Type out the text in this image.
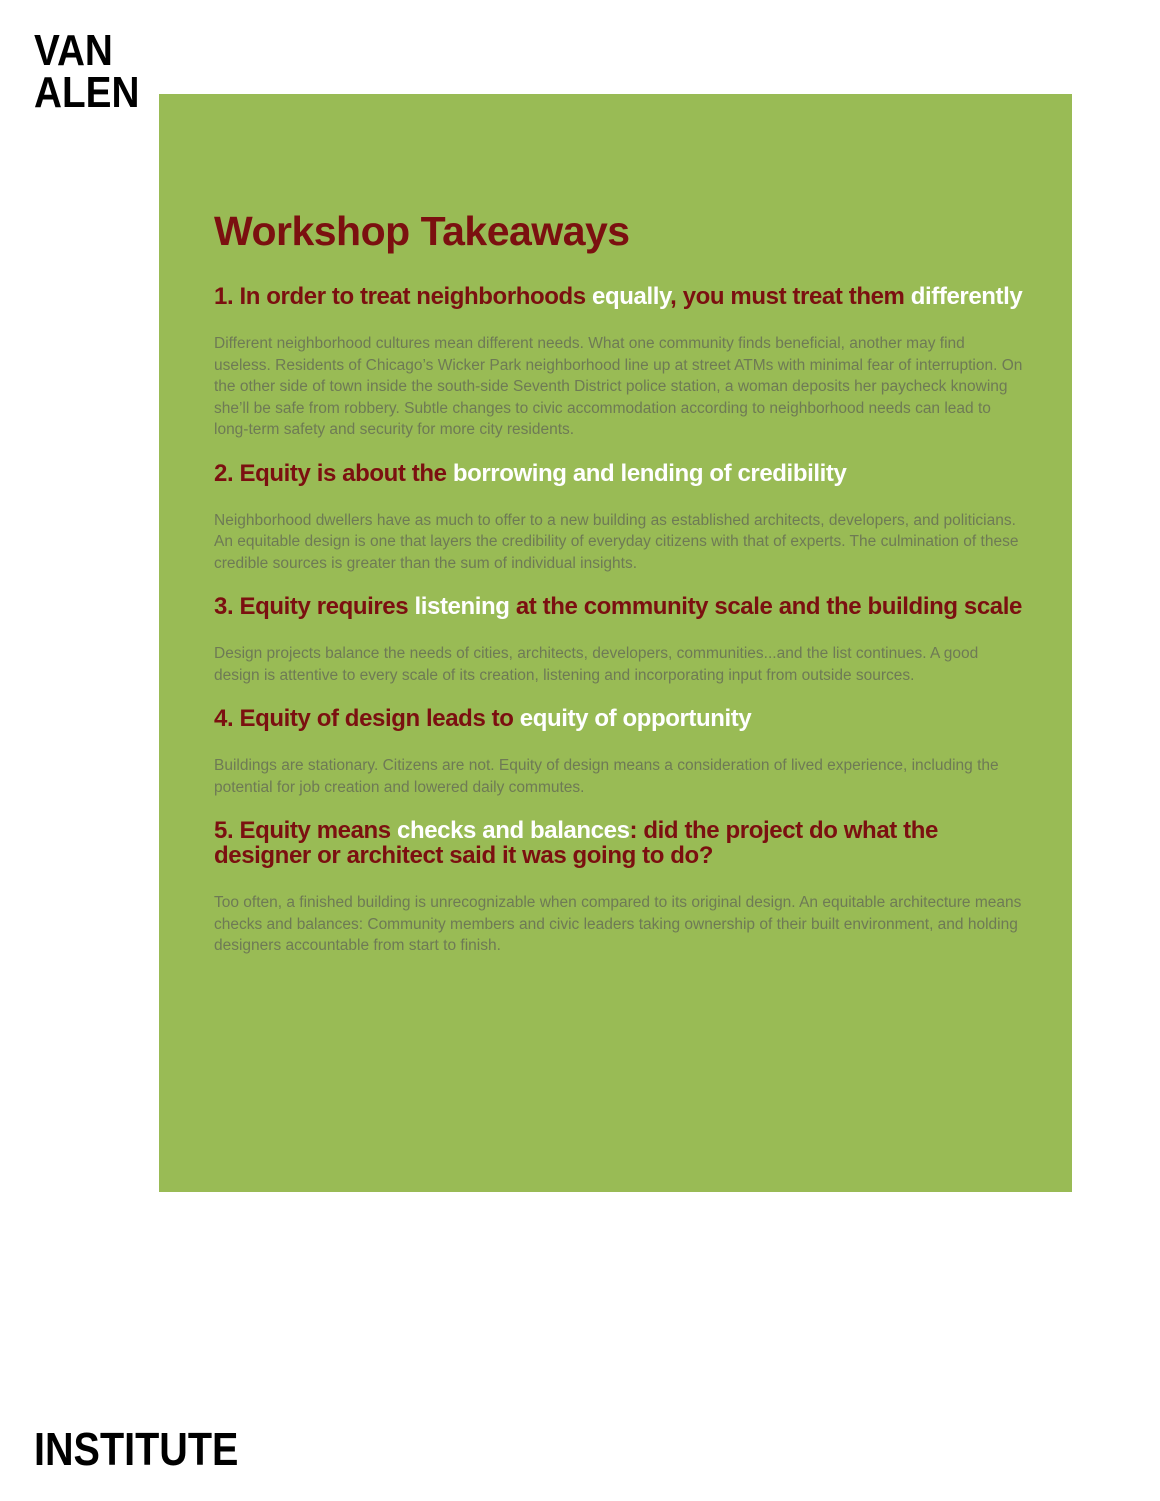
VAN
ALEN
Workshop Takeaways
1. In order to treat neighborhoods equally, you must treat them differently

Different neighborhood cultures mean different needs. What one community finds beneficial, another may find useless. Residents of Chicago’s Wicker Park neighborhood line up at street ATMs with minimal fear of interruption. On the other side of town inside the south-side Seventh District police station, a woman deposits her paycheck knowing she’ll be safe from robbery. Subtle changes to civic accommodation according to neighborhood needs can lead to long-term safety and security for more city residents.

2. Equity is about the borrowing and lending of credibility

Neighborhood dwellers have as much to offer to a new building as established architects, developers, and politicians. An equitable design is one that layers the credibility of everyday citizens with that of experts. The culmination of these credible sources is greater than the sum of individual insights.

3. Equity requires listening at the community scale and the building scale

Design projects balance the needs of cities, architects, developers, communities...and the list continues. A good design is attentive to every scale of its creation, listening and incorporating input from outside sources.

4. Equity of design leads to equity of opportunity

Buildings are stationary. Citizens are not. Equity of design means a consideration of lived experience, including the potential for job creation and lowered daily commutes.

5. Equity means checks and balances: did the project do what the designer or architect said it was going to do?

Too often, a finished building is unrecognizable when compared to its original design. An equitable architecture means checks and balances: Community members and civic leaders taking ownership of their built environment, and holding designers accountable from start to finish.

INSTITUTE
